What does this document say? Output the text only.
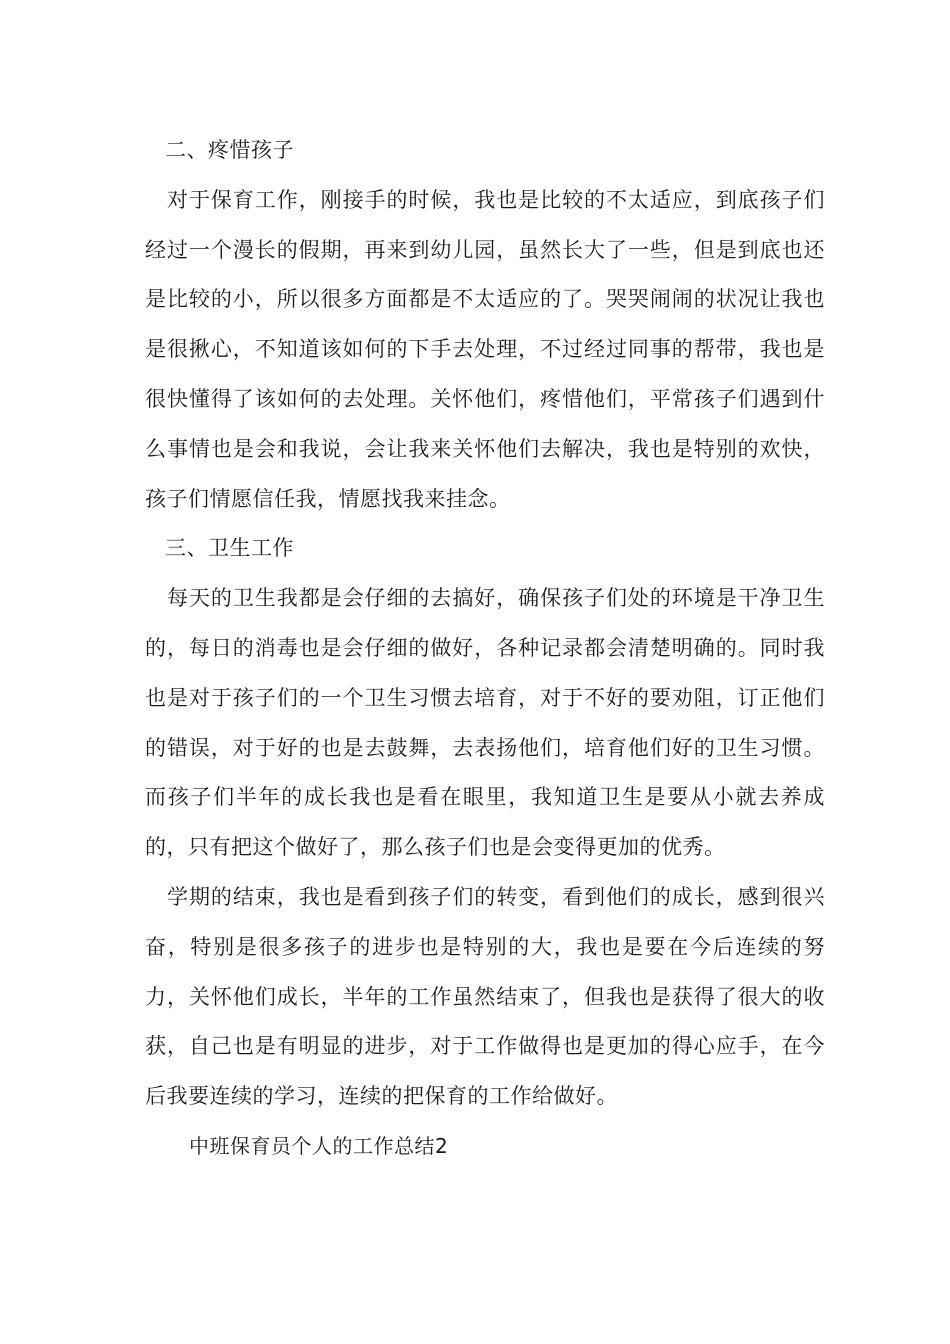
二、疼惜孩子

对于保育工作，刚接手的时候，我也是比较的不太适应，到底孩子们经过一个漫长的假期，再来到幼儿园，虽然长大了一些，但是到底也还是比较的小，所以很多方面都是不太适应的了。哭哭闹闹的状况让我也是很揪心，不知道该如何的下手去处理，不过经过同事的帮带，我也是很快懂得了该如何的去处理。关怀他们，疼惜他们，平常孩子们遇到什么事情也是会和我说，会让我来关怀他们去解决，我也是特别的欢快，孩子们情愿信任我，情愿找我来挂念。

三、卫生工作

每天的卫生我都是会仔细的去搞好，确保孩子们处的环境是干净卫生的，每日的消毒也是会仔细的做好，各种记录都会清楚明确的。同时我也是对于孩子们的一个卫生习惯去培育，对于不好的要劝阻，订正他们的错误，对于好的也是去鼓舞，去表扬他们，培育他们好的卫生习惯。而孩子们半年的成长我也是看在眼里，我知道卫生是要从小就去养成的，只有把这个做好了，那么孩子们也是会变得更加的优秀。

学期的结束，我也是看到孩子们的转变，看到他们的成长，感到很兴奋，特别是很多孩子的进步也是特别的大，我也是要在今后连续的努力，关怀他们成长，半年的工作虽然结束了，但我也是获得了很大的收获，自己也是有明显的进步，对于工作做得也是更加的得心应手，在今后我要连续的学习，连续的把保育的工作给做好。

中班保育员个人的工作总结2
